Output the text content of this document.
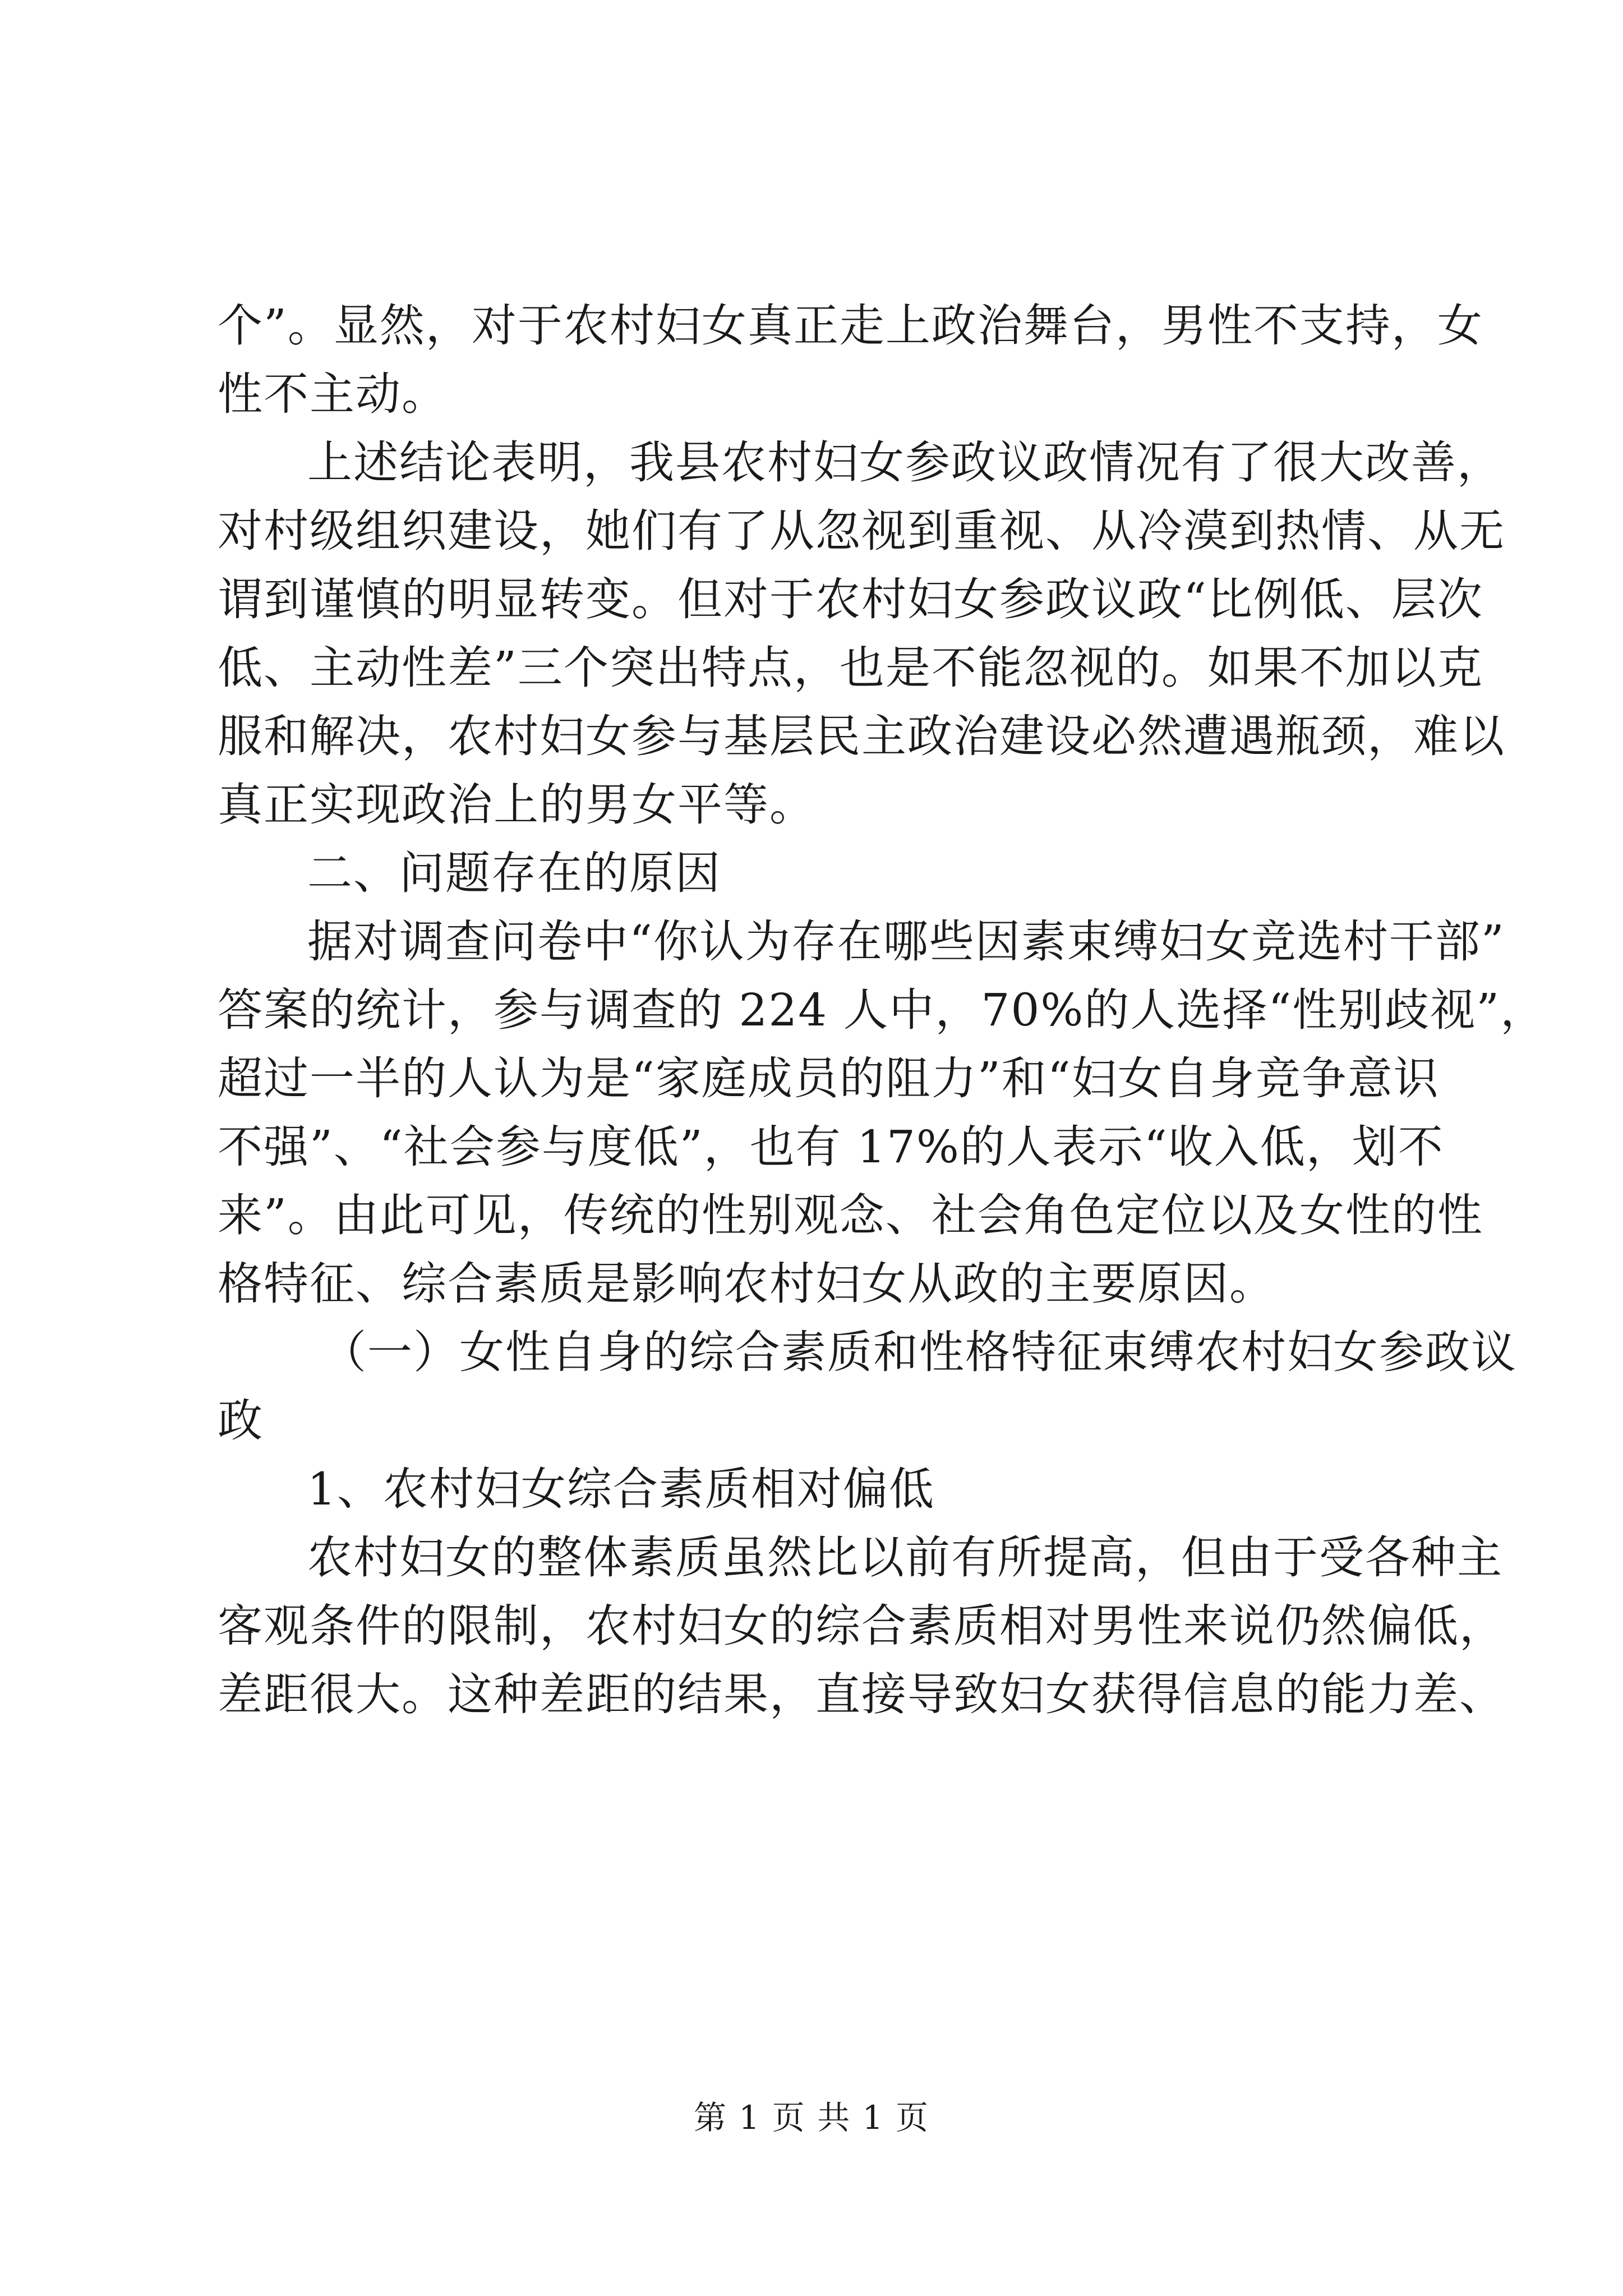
个”。显然，对于农村妇女真正走上政治舞台，男性不支持，女
性不主动。
上述结论表明，我县农村妇女参政议政情况有了很大改善，
对村级组织建设，她们有了从忽视到重视、从冷漠到热情、从无
谓到谨慎的明显转变。但对于农村妇女参政议政“比例低、层次
低、主动性差”三个突出特点，也是不能忽视的。如果不加以克
服和解决，农村妇女参与基层民主政治建设必然遭遇瓶颈，难以
真正实现政治上的男女平等。
二、问题存在的原因
据对调查问卷中“你认为存在哪些因素束缚妇女竞选村干部”
答案的统计，参与调查的 224 人中，70%的人选择“性别歧视”，
超过一半的人认为是“家庭成员的阻力”和“妇女自身竞争意识
不强”、“社会参与度低”，也有 17%的人表示“收入低，划不
来”。由此可见，传统的性别观念、社会角色定位以及女性的性
格特征、综合素质是影响农村妇女从政的主要原因。
（一）女性自身的综合素质和性格特征束缚农村妇女参政议
政
1、农村妇女综合素质相对偏低
农村妇女的整体素质虽然比以前有所提高，但由于受各种主
客观条件的限制，农村妇女的综合素质相对男性来说仍然偏低，
差距很大。这种差距的结果，直接导致妇女获得信息的能力差、
第 1 页 共 1 页
